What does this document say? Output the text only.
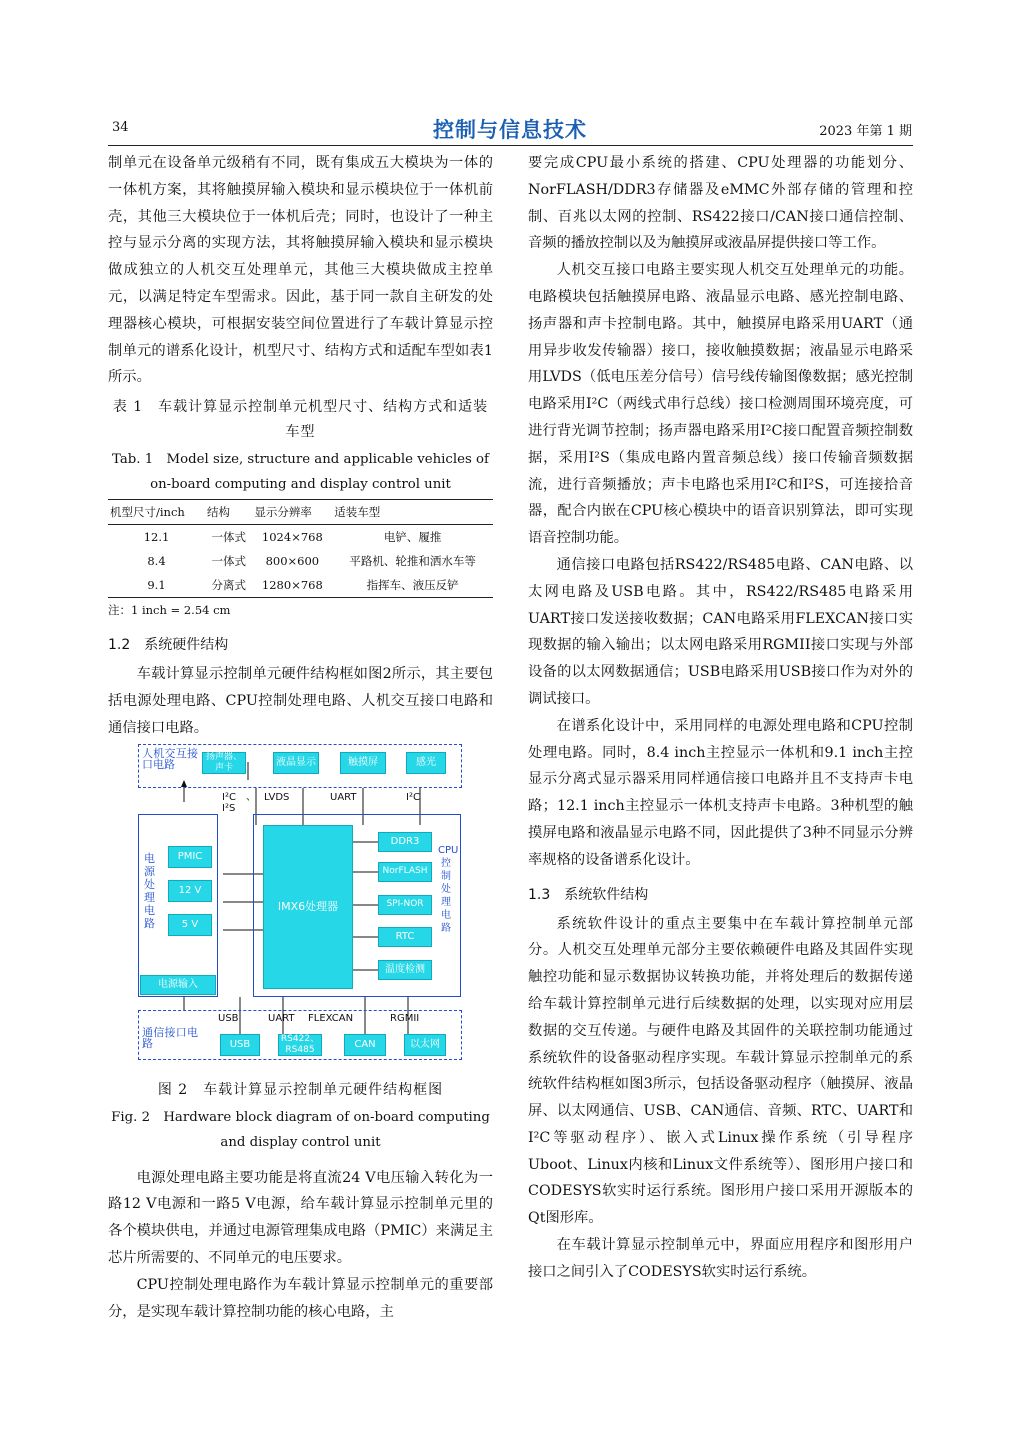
34	控制与信息技术	2023 年第 1 期

制单元在设备单元级稍有不同，既有集成五大模块为一体的一体机方案，其将触摸屏输入模块和显示模块位于一体机前壳，其他三大模块位于一体机后壳；同时，也设计了一种主控与显示分离的实现方法，其将触摸屏输入模块和显示模块做成独立的人机交互处理单元，其他三大模块做成主控单元，以满足特定车型需求。因此，基于同一款自主研发的处理器核心模块，可根据安装空间位置进行了车载计算显示控制单元的谱系化设计，机型尺寸、结构方式和适配车型如表1所示。

表 1　车载计算显示控制单元机型尺寸、结构方式和适装车型
Tab. 1　Model size, structure and applicable vehicles of on-board computing and display control unit
机型尺寸/inch	结构	显示分辨率	适装车型
12.1	一体式	1024×768	电铲、履推
8.4	一体式	800×600	平路机、轮推和洒水车等
9.1	分离式	1280×768	指挥车、液压反铲
注：1 inch = 2.54 cm
1.2　系统硬件结构

车载计算显示控制单元硬件结构框如图2所示，其主要包括电源处理电路、CPU控制处理电路、人机交互接口电路和通信接口电路。

人机交互接口电路
扬声器、声卡	液晶显示	触摸屏	感光
I²C、I²S
LVDS	UART	I²C
电源处理电路
PMIC
12 V
5 V
电源输入
IMX6处理器
DDR3
NorFLASH
SPI-NOR
RTC
温度检测
CPU控制处理电路
通信接口电路
USB	UART FLEXCAN	RGMII
USB
RS422、RS485	CAN	以太网
图 2　车载计算显示控制单元硬件结构框图
Fig. 2　Hardware block diagram of on-board computing and display control unit

电源处理电路主要功能是将直流24 V电压输入转化为一路12 V电源和一路5 V电源，给车载计算显示控制单元里的各个模块供电，并通过电源管理集成电路（PMIC）来满足主芯片所需要的、不同单元的电压要求。

CPU控制处理电路作为车载计算显示控制单元的重要部分，是实现车载计算控制功能的核心电路，主

要完成CPU最小系统的搭建、CPU处理器的功能划分、NorFLASH/DDR3存储器及eMMC外部存储的管理和控制、百兆以太网的控制、RS422接口/CAN接口通信控制、音频的播放控制以及为触摸屏或液晶屏提供接口等工作。

人机交互接口电路主要实现人机交互处理单元的功能。电路模块包括触摸屏电路、液晶显示电路、感光控制电路、扬声器和声卡控制电路。其中，触摸屏电路采用UART（通用异步收发传输器）接口，接收触摸数据；液晶显示电路采用LVDS（低电压差分信号）信号线传输图像数据；感光控制电路采用I²C（两线式串行总线）接口检测周围环境亮度，可进行背光调节控制；扬声器电路采用I²C接口配置音频控制数据，采用I²S（集成电路内置音频总线）接口传输音频数据流，进行音频播放；声卡电路也采用I²C和I²S，可连接拾音器，配合内嵌在CPU核心模块中的语音识别算法，即可实现语音控制功能。

通信接口电路包括RS422/RS485电路、CAN电路、以太网电路及USB电路。其中，RS422/RS485电路采用UART接口发送接收数据；CAN电路采用FLEXCAN接口实现数据的输入输出；以太网电路采用RGMII接口实现与外部设备的以太网数据通信；USB电路采用USB接口作为对外的调试接口。

在谱系化设计中，采用同样的电源处理电路和CPU控制处理电路。同时，8.4 inch主控显示一体机和9.1 inch主控显示分离式显示器采用同样通信接口电路并且不支持声卡电路；12.1 inch主控显示一体机支持声卡电路。3种机型的触摸屏电路和液晶显示电路不同，因此提供了3种不同显示分辨率规格的设备谱系化设计。

1.3　系统软件结构

系统软件设计的重点主要集中在车载计算控制单元部分。人机交互处理单元部分主要依赖硬件电路及其固件实现触控功能和显示数据协议转换功能，并将处理后的数据传递给车载计算控制单元进行后续数据的处理，以实现对应用层数据的交互传递。与硬件电路及其固件的关联控制功能通过系统软件的设备驱动程序实现。车载计算显示控制单元的系统软件结构框如图3所示，包括设备驱动程序（触摸屏、液晶屏、以太网通信、USB、CAN通信、音频、RTC、UART和I²C等驱动程序）、嵌入式Linux操作系统（引导程序Uboot、Linux内核和Linux文件系统等）、图形用户接口和CODESYS软实时运行系统。图形用户接口采用开源版本的Qt图形库。

在车载计算显示控制单元中，界面应用程序和图形用户接口之间引入了CODESYS软实时运行系统。
